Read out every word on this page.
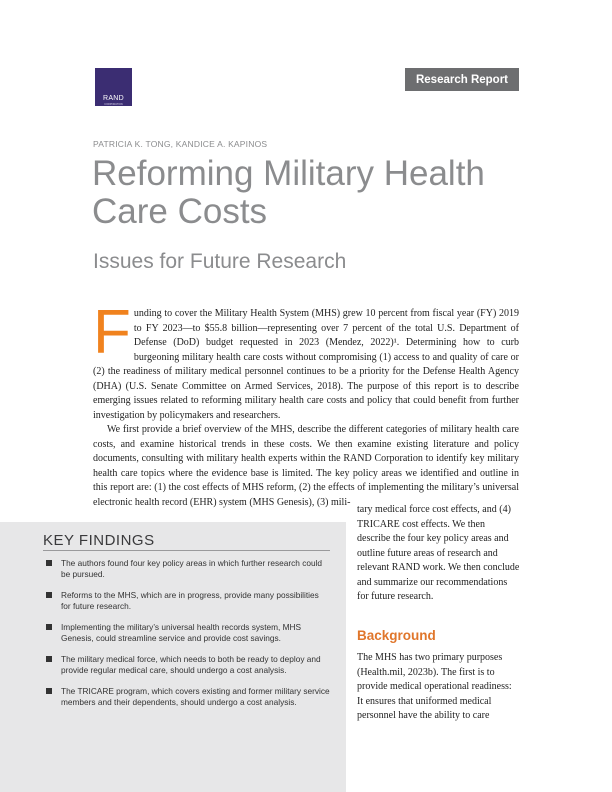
RAND
CORPORATION
Research Report
PATRICIA K. TONG, KANDICE A. KAPINOS
Reforming Military Health Care Costs
Issues for Future Research

Funding to cover the Military Health System (MHS) grew 10 percent from fiscal year (FY) 2019 to FY 2023—to $55.8 billion—representing over 7 percent of the total U.S. Department of Defense (DoD) budget requested in 2023 (Mendez, 2022)¹. Determining how to curb burgeoning military health care costs without compromising (1) access to and quality of care or (2) the readiness of military medical personnel continues to be a priority for the Defense Health Agency (DHA) (U.S. Senate Committee on Armed Services, 2018). The purpose of this report is to describe emerging issues related to reforming military health care costs and policy that could benefit from further investigation by policymakers and researchers.

We first provide a brief overview of the MHS, describe the different categories of military health care costs, and examine historical trends in these costs. We then examine existing literature and policy documents, consulting with military health experts within the RAND Corporation to identify key military health care topics where the evidence base is limited. The key policy areas we identified and outline in this report are: (1) the cost effects of MHS reform, (2) the effects of implementing the military’s universal electronic health record (EHR) system (MHS Genesis), (3) mili-

KEY FINDINGS
The authors found four key policy areas in which further research could be pursued.
Reforms to the MHS, which are in progress, provide many possibilities for future research.
Implementing the military’s universal health records system, MHS Genesis, could streamline service and provide cost savings.
The military medical force, which needs to both be ready to deploy and provide regular medical care, should undergo a cost analysis.
The TRICARE program, which covers existing and former military service members and their dependents, should undergo a cost analysis.

tary medical force cost effects, and (4) TRICARE cost effects. We then describe the four key policy areas and outline future areas of research and relevant RAND work. We then conclude and summarize our recommendations for future research.

Background

The MHS has two primary purposes (Health.mil, 2023b). The first is to provide medical operational readiness: It ensures that uniformed medical personnel have the ability to care
